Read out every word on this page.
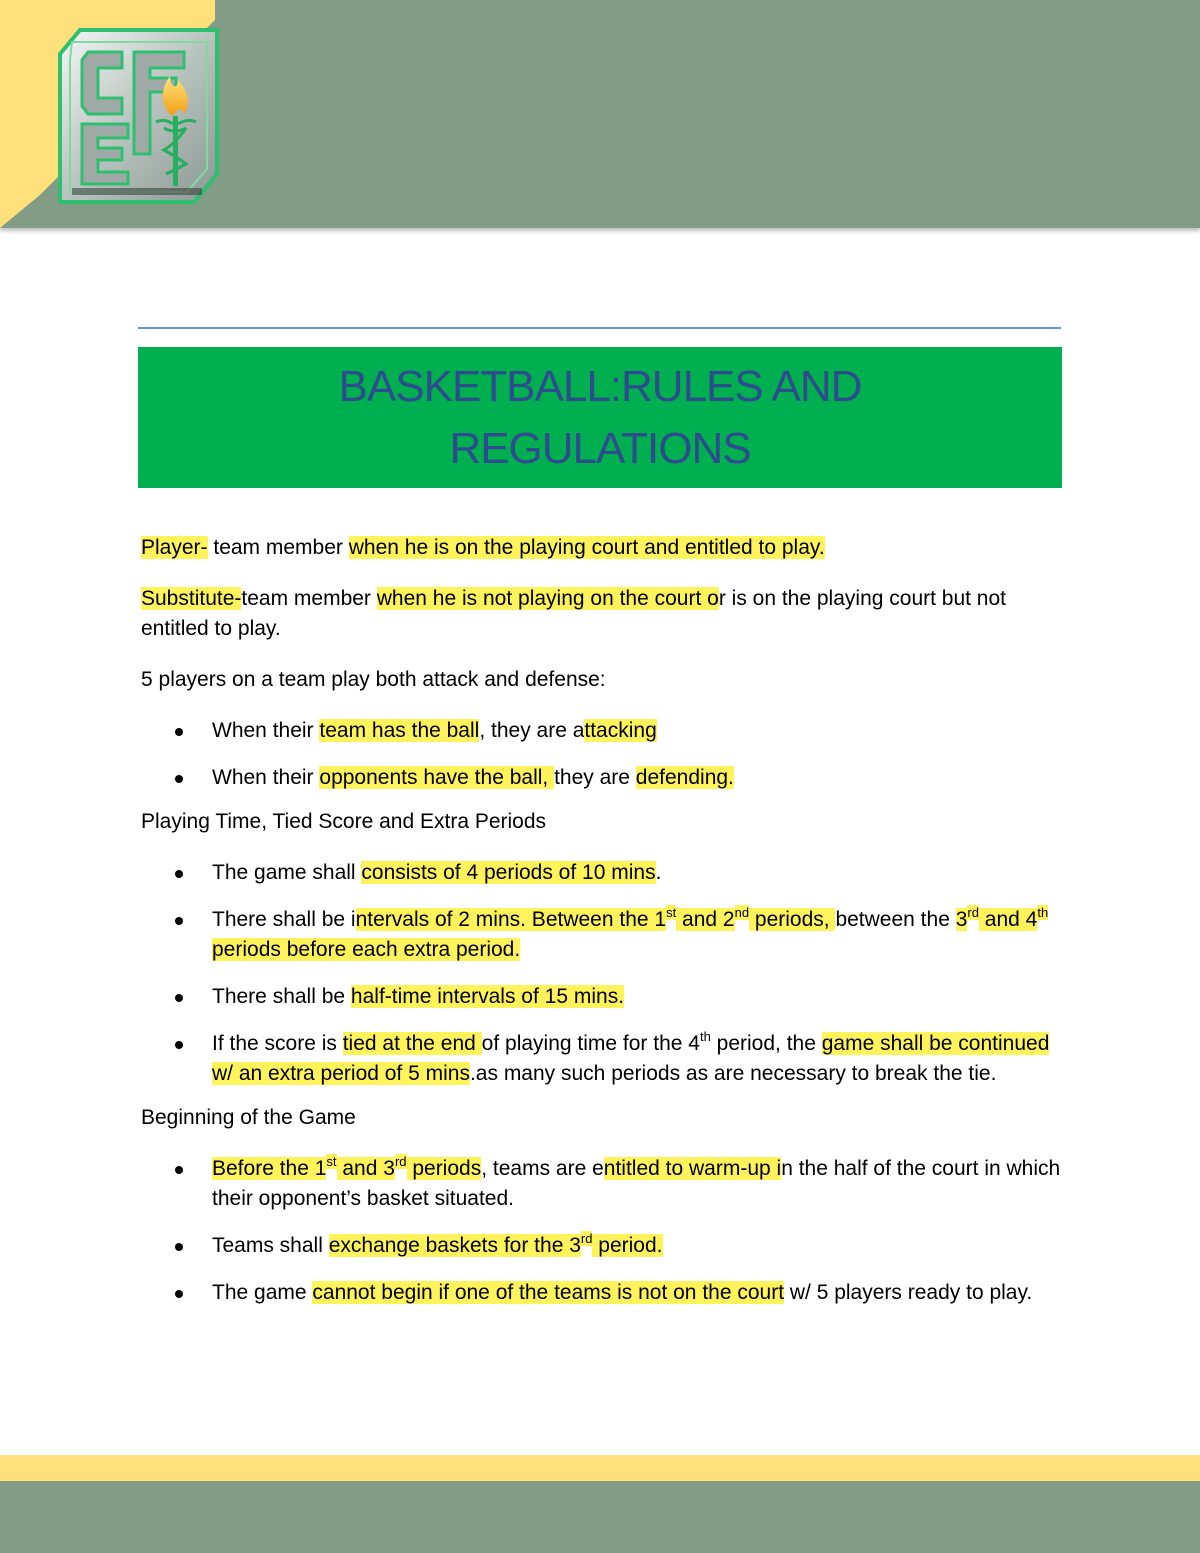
BASKETBALL:RULES AND
REGULATIONS

Player- team member when he is on the playing court and entitled to play.

Substitute-team member when he is not playing on the court or is on the playing court but not entitled to play.

5 players on a team play both attack and defense:

When their team has the ball, they are attacking
When their opponents have the ball, they are defending.

Playing Time, Tied Score and Extra Periods

The game shall consists of 4 periods of 10 mins.
There shall be intervals of 2 mins. Between the 1st and 2nd periods, between the 3rd and 4th periods before each extra period.
There shall be half-time intervals of 15 mins.
If the score is tied at the end of playing time for the 4th period, the game shall be continued w/ an extra period of 5 mins.as many such periods as are necessary to break the tie.

Beginning of the Game

Before the 1st and 3rd periods, teams are entitled to warm-up in the half of the court in which their opponent’s basket situated.
Teams shall exchange baskets for the 3rd period.
The game cannot begin if one of the teams is not on the court w/ 5 players ready to play.
